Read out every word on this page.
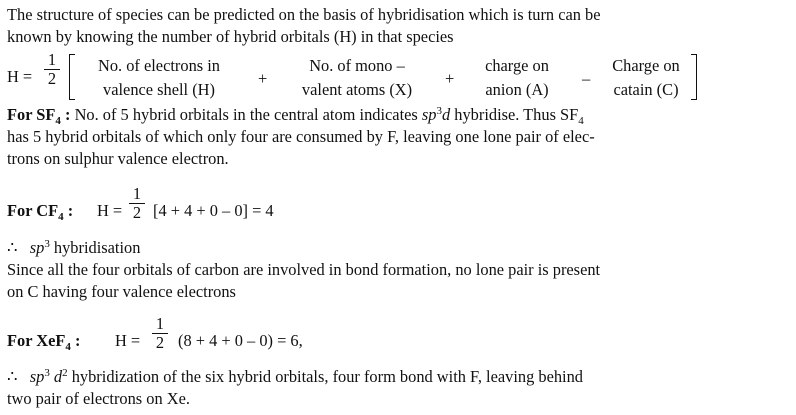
The structure of species can be predicted on the basis of hybridisation which is turn can be
known by knowing the number of hybrid orbitals (H) in that species
H =
1
2
No. of electrons in
valence shell (H)
+
No. of mono –
valent atoms (X)
+
charge on
anion (A)
–
Charge on
catain (C)
For $SF_4$ : No. of 5 hybrid orbitals in the central atom indicates $sp^3d$ hybridise. Thus $SF_4$
has 5 hybrid orbitals of which only four are consumed by F, leaving one lone pair of elec-
trons on sulphur valence electron.
For $CF_4$ : H =
1
2 [4 + 4 + 0 – 0] = 4
∴ $sp^3$ hybridisation
Since all the four orbitals of carbon are involved in bond formation, no lone pair is present
on C having four valence electrons
For XeF$_4$ : H =
1
2 (8 + 4 + 0 – 0) = 6,
∴ $sp^3$ $d^2$ hybridization of the six hybrid orbitals, four form bond with F, leaving behind
two pair of electrons on Xe.
